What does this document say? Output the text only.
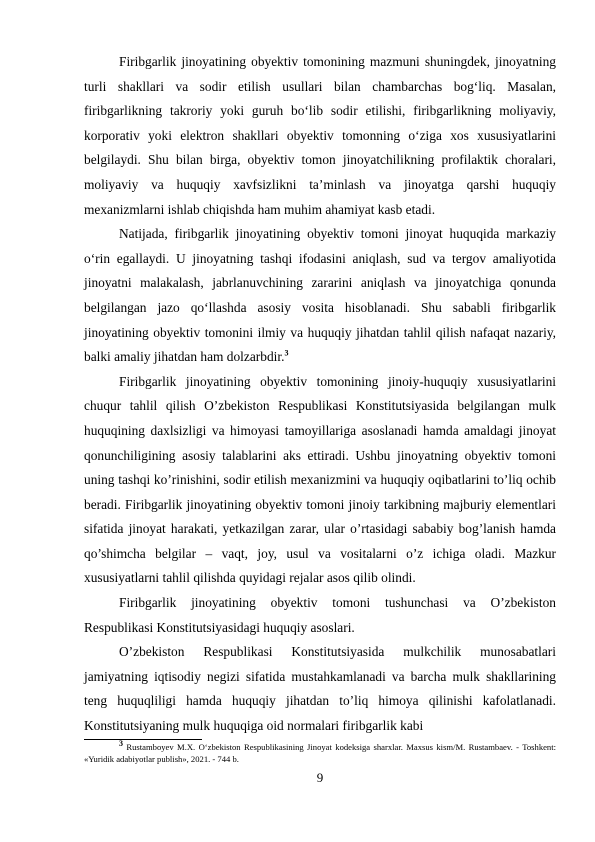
Firibgarlik jinoyatining obyektiv tomonining mazmuni shuningdek, jinoyatning turli shakllari va sodir etilish usullari bilan chambarchas bog‘liq. Masalan, firibgarlikning takroriy yoki guruh bo‘lib sodir etilishi, firibgarlikning moliyaviy, korporativ yoki elektron shakllari obyektiv tomonning o‘ziga xos xususiyatlarini belgilaydi. Shu bilan birga, obyektiv tomon jinoyatchilikning profilaktik choralari, moliyaviy va huquqiy xavfsizlikni ta’minlash va jinoyatga qarshi huquqiy mexanizmlarni ishlab chiqishda ham muhim ahamiyat kasb etadi.

Natijada, firibgarlik jinoyatining obyektiv tomoni jinoyat huquqida markaziy o‘rin egallaydi. U jinoyatning tashqi ifodasini aniqlash, sud va tergov amaliyotida jinoyatni malakalash, jabrlanuvchining zararini aniqlash va jinoyatchiga qonunda belgilangan jazo qo‘llashda asosiy vosita hisoblanadi. Shu sababli firibgarlik jinoyatining obyektiv tomonini ilmiy va huquqiy jihatdan tahlil qilish nafaqat nazariy, balki amaliy jihatdan ham dolzarbdir.$^3$

Firibgarlik jinoyatining obyektiv tomonining jinoiy-huquqiy xususiyatlarini chuqur tahlil qilish O’zbekiston Respublikasi Konstitutsiyasida belgilangan mulk huquqining daxlsizligi va himoyasi tamoyillariga asoslanadi hamda amaldagi jinoyat qonunchiligining asosiy talablarini aks ettiradi. Ushbu jinoyatning obyektiv tomoni uning tashqi ko’rinishini, sodir etilish mexanizmini va huquqiy oqibatlarini to’liq ochib beradi. Firibgarlik jinoyatining obyektiv tomoni jinoiy tarkibning majburiy elementlari sifatida jinoyat harakati, yetkazilgan zarar, ular o’rtasidagi sababiy bog’lanish hamda qo’shimcha belgilar – vaqt, joy, usul va vositalarni o’z ichiga oladi. Mazkur xususiyatlarni tahlil qilishda quyidagi rejalar asos qilib olindi.

Firibgarlik jinoyatining obyektiv tomoni tushunchasi va O’zbekiston Respublikasi Konstitutsiyasidagi huquqiy asoslari.

O’zbekiston Respublikasi Konstitutsiyasida mulkchilik munosabatlari jamiyatning iqtisodiy negizi sifatida mustahkamlanadi va barcha mulk shakllarining teng huquqliligi hamda huquqiy jihatdan to’liq himoya qilinishi kafolatlanadi. Konstitutsiyaning mulk huquqiga oid normalari firibgarlik kabi

$^3$ Rustamboyev M.X. O‘zbekiston Respublikasining Jinoyat kodeksiga sharxlar. Maxsus kism/M. Rustambaev. - Toshkent: «Yuridik adabiyotlar publish», 2021. - 744 b.

9
